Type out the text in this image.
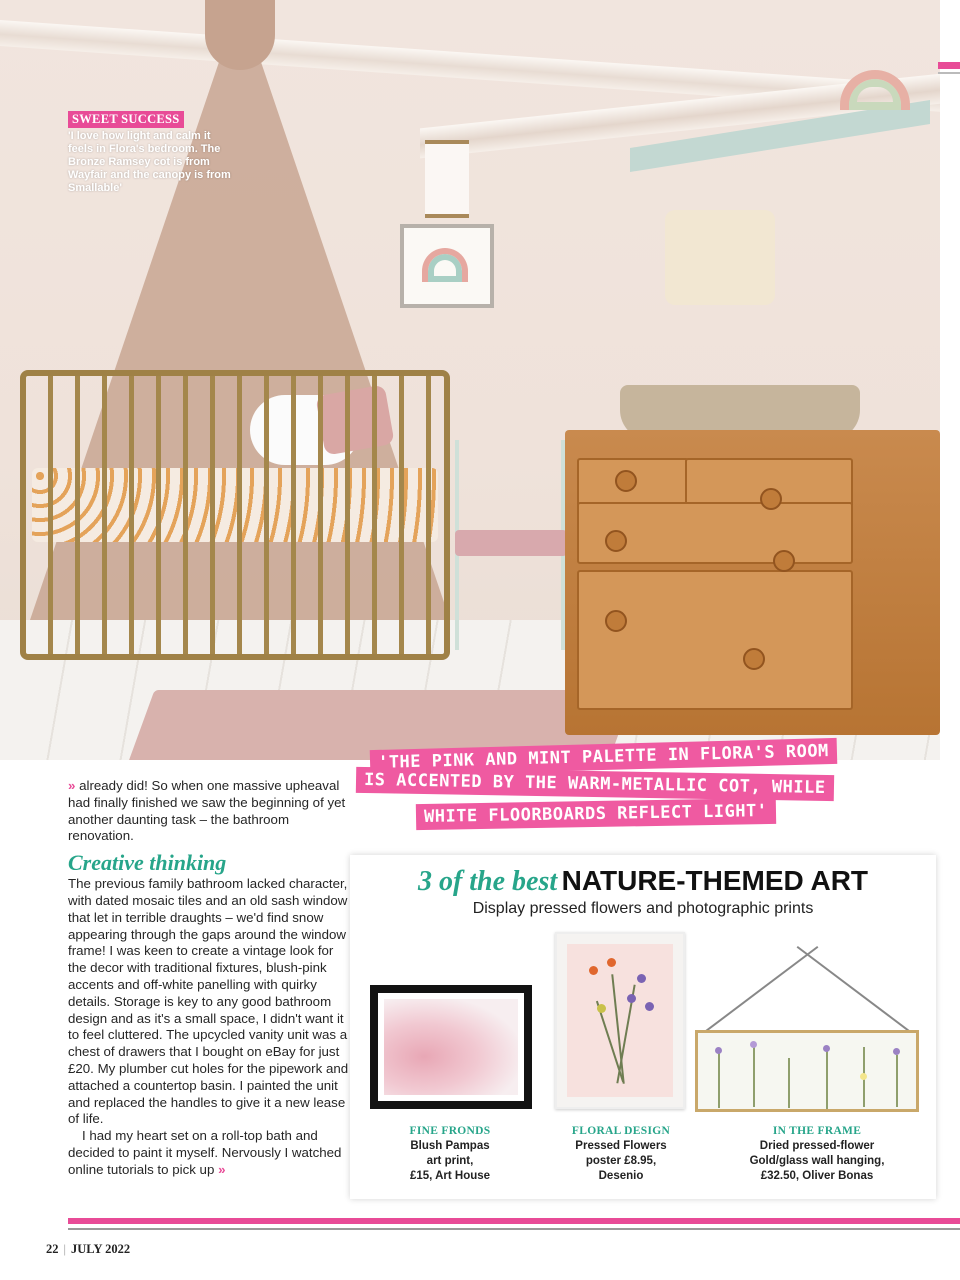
SWEET SUCCESS
'I love how light and calm it feels in Flora's bedroom. The Bronze Ramsey cot is from Wayfair and the canopy is from Smallable'
'THE PINK AND MINT PALETTE IN FLORA'S ROOM
IS ACCENTED BY THE WARM-METALLIC COT, WHILE
WHITE FLOORBOARDS REFLECT LIGHT'

» already did! So when one massive upheaval had finally finished we saw the beginning of yet another daunting task – the bathroom renovation.

Creative thinking

The previous family bathroom lacked character, with dated mosaic tiles and an old sash window that let in terrible draughts – we'd find snow appearing through the gaps around the window frame! I was keen to create a vintage look for the decor with traditional fixtures, blush-pink accents and off-white panelling with quirky details. Storage is key to any good bathroom design and as it's a small space, I didn't want it to feel cluttered. The upcycled vanity unit was a chest of drawers that I bought on eBay for just £20. My plumber cut holes for the pipework and attached a countertop basin. I painted the unit and replaced the handles to give it a new lease of life.

I had my heart set on a roll-top bath and decided to paint it myself. Nervously I watched online tutorials to pick up »

3 of the best NATURE-THEMED ART
Display pressed flowers and photographic prints
FINE FRONDS
Blush Pampas
art print,
£15, Art House
FLORAL DESIGN
Pressed Flowers
poster £8.95,
Desenio
IN THE FRAME
Dried pressed-flower
Gold/glass wall hanging,
£32.50, Oliver Bonas
22 | JULY 2022
